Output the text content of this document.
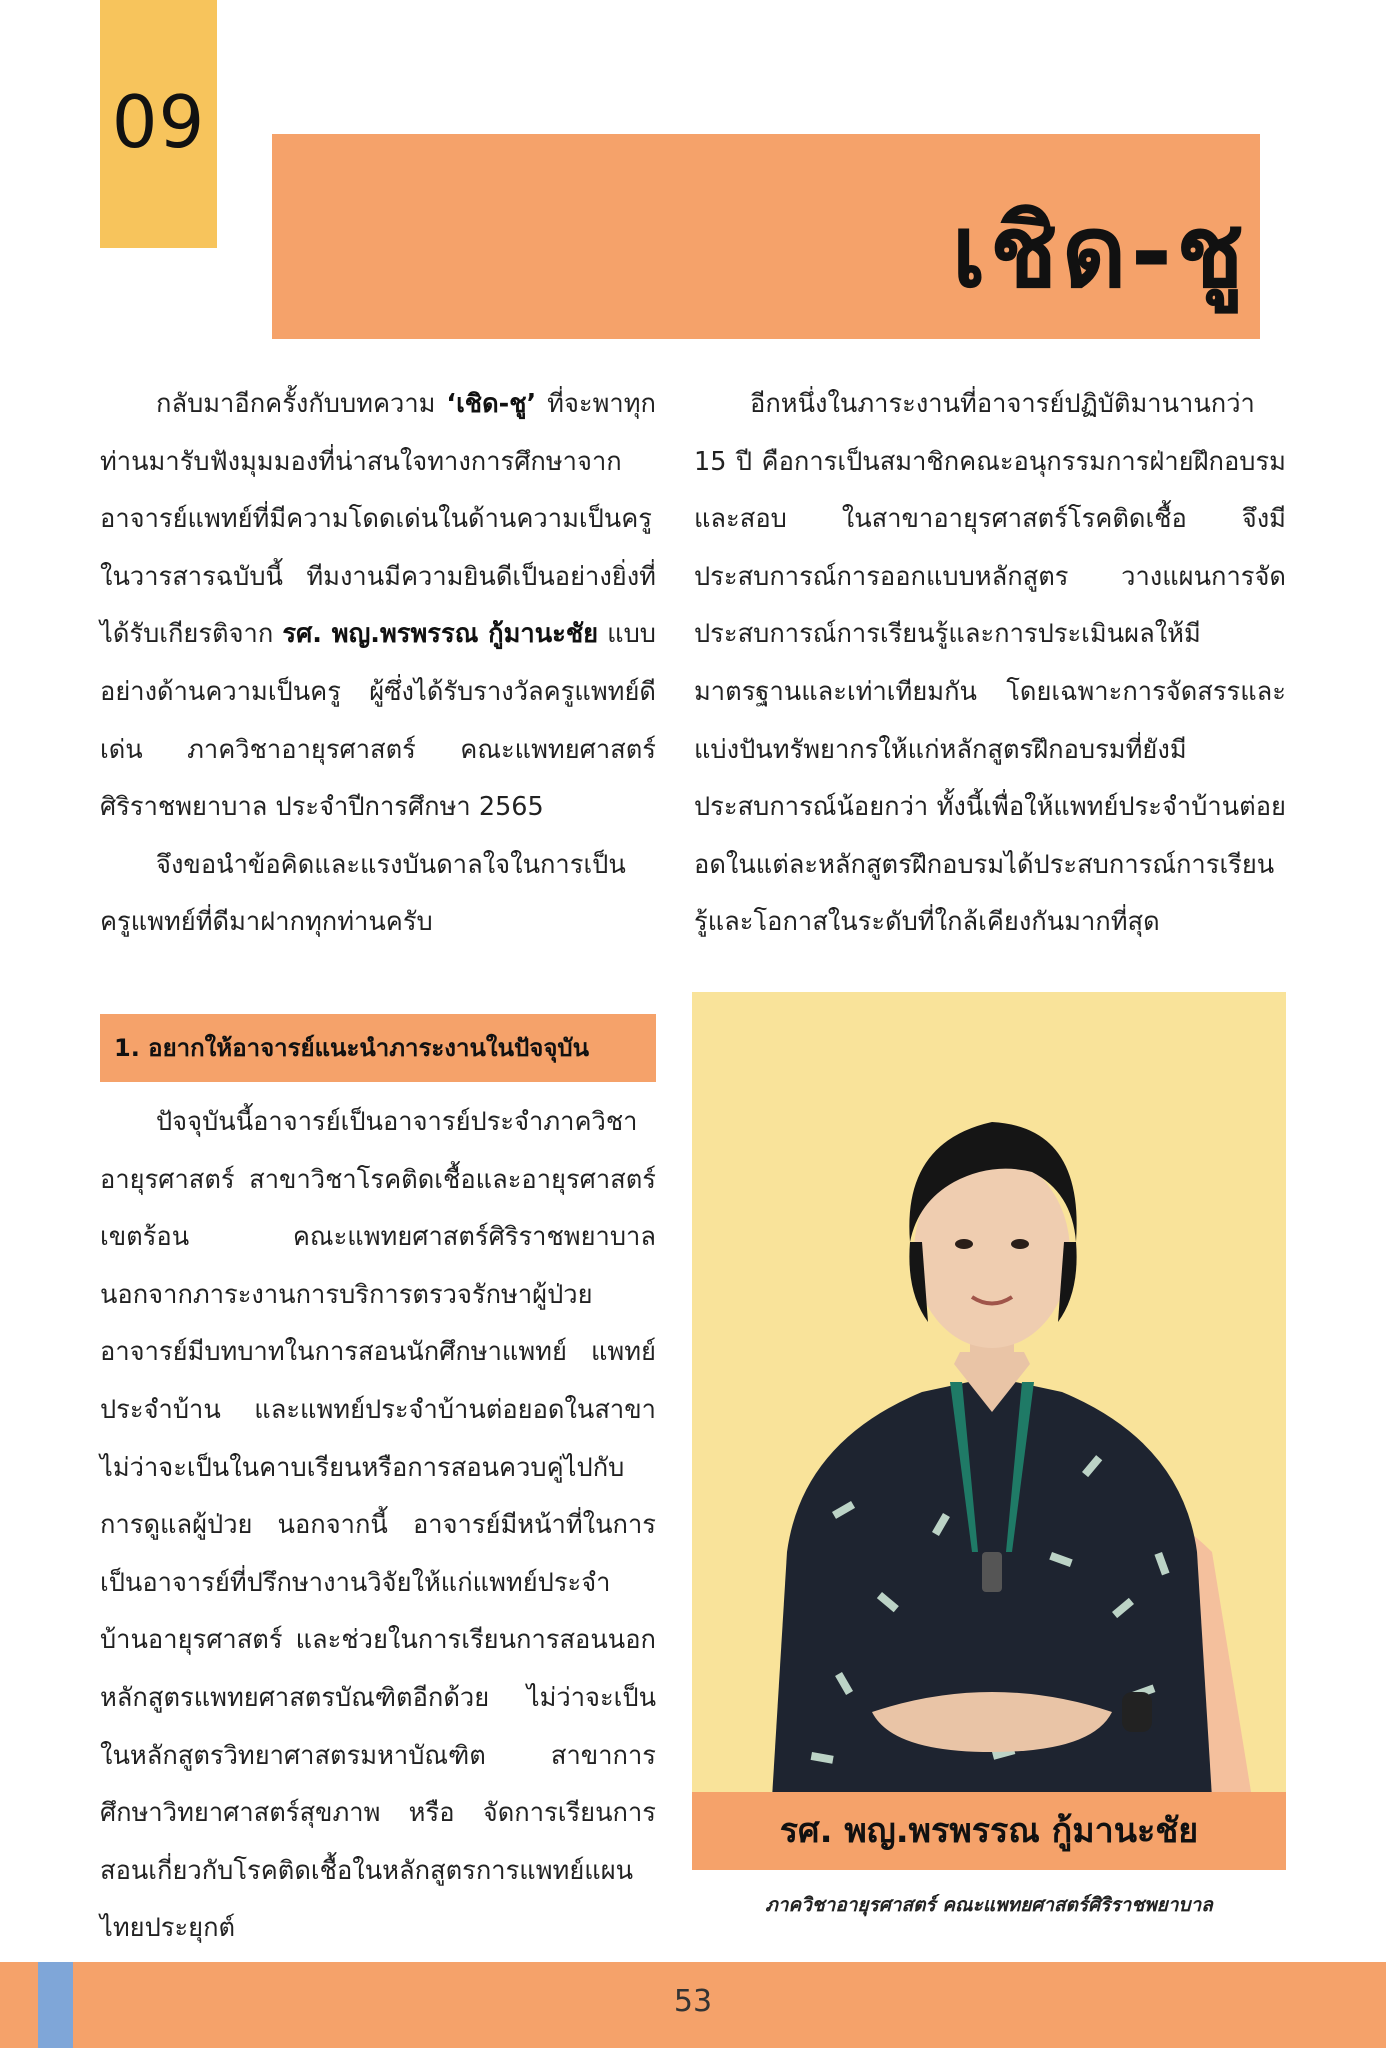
09
เชิด-ชู

กลับมาอีกครั้งกับบทความ ‘เชิด-ชู’ ที่จะพาทุกท่านมารับฟังมุมมองที่น่าสนใจทางการศึกษาจากอาจารย์แพทย์ที่มีความโดดเด่นในด้านความเป็นครู ในวารสารฉบับนี้ ทีมงานมีความยินดีเป็นอย่างยิ่งที่ได้รับเกียรติจาก รศ. พญ.พรพรรณ กู้มานะชัย แบบอย่างด้านความเป็นครู ผู้ซึ่งได้รับรางวัลครูแพทย์ดีเด่น ภาควิชาอายุรศาสตร์ คณะแพทยศาสตร์ศิริราชพยาบาล ประจำปีการศึกษา 2565

จึงขอนำข้อคิดและแรงบันดาลใจในการเป็นครูแพทย์ที่ดีมาฝากทุกท่านครับ

1. อยากให้อาจารย์แนะนำภาระงานในปัจจุบัน

ปัจจุบันนี้อาจารย์เป็นอาจารย์ประจำภาควิชาอายุรศาสตร์ สาขาวิชาโรคติดเชื้อและอายุรศาสตร์เขตร้อน คณะแพทยศาสตร์ศิริราชพยาบาล นอกจากภาระงานการบริการตรวจรักษาผู้ป่วย อาจารย์มีบทบาทในการสอนนักศึกษาแพทย์ แพทย์ประจำบ้าน และแพทย์ประจำบ้านต่อยอดในสาขา ไม่ว่าจะเป็นในคาบเรียนหรือการสอนควบคู่ไปกับการดูแลผู้ป่วย นอกจากนี้ อาจารย์มีหน้าที่ในการเป็นอาจารย์ที่ปรึกษางานวิจัยให้แก่แพทย์ประจำบ้านอายุรศาสตร์ และช่วยในการเรียนการสอนนอกหลักสูตรแพทยศาสตรบัณฑิตอีกด้วย ไม่ว่าจะเป็นในหลักสูตรวิทยาศาสตรมหาบัณฑิต สาขาการศึกษาวิทยาศาสตร์สุขภาพ หรือ จัดการเรียนการสอนเกี่ยวกับโรคติดเชื้อในหลักสูตรการแพทย์แผนไทยประยุกต์

อีกหนึ่งในภาระงานที่อาจารย์ปฏิบัติมานานกว่า 15 ปี คือการเป็นสมาชิกคณะอนุกรรมการฝ่ายฝึกอบรมและสอบ ในสาขาอายุรศาสตร์โรคติดเชื้อ จึงมีประสบการณ์การออกแบบหลักสูตร วางแผนการจัดประสบการณ์การเรียนรู้และการประเมินผลให้มีมาตรฐานและเท่าเทียมกัน โดยเฉพาะการจัดสรรและแบ่งปันทรัพยากรให้แก่หลักสูตรฝึกอบรมที่ยังมีประสบการณ์น้อยกว่า ทั้งนี้เพื่อให้แพทย์ประจำบ้านต่อยอดในแต่ละหลักสูตรฝึกอบรมได้ประสบการณ์การเรียนรู้และโอกาสในระดับที่ใกล้เคียงกันมากที่สุด

รศ. พญ.พรพรรณ กู้มานะชัย
ภาควิชาอายุรศาสตร์ คณะแพทยศาสตร์ศิริราชพยาบาล
53
